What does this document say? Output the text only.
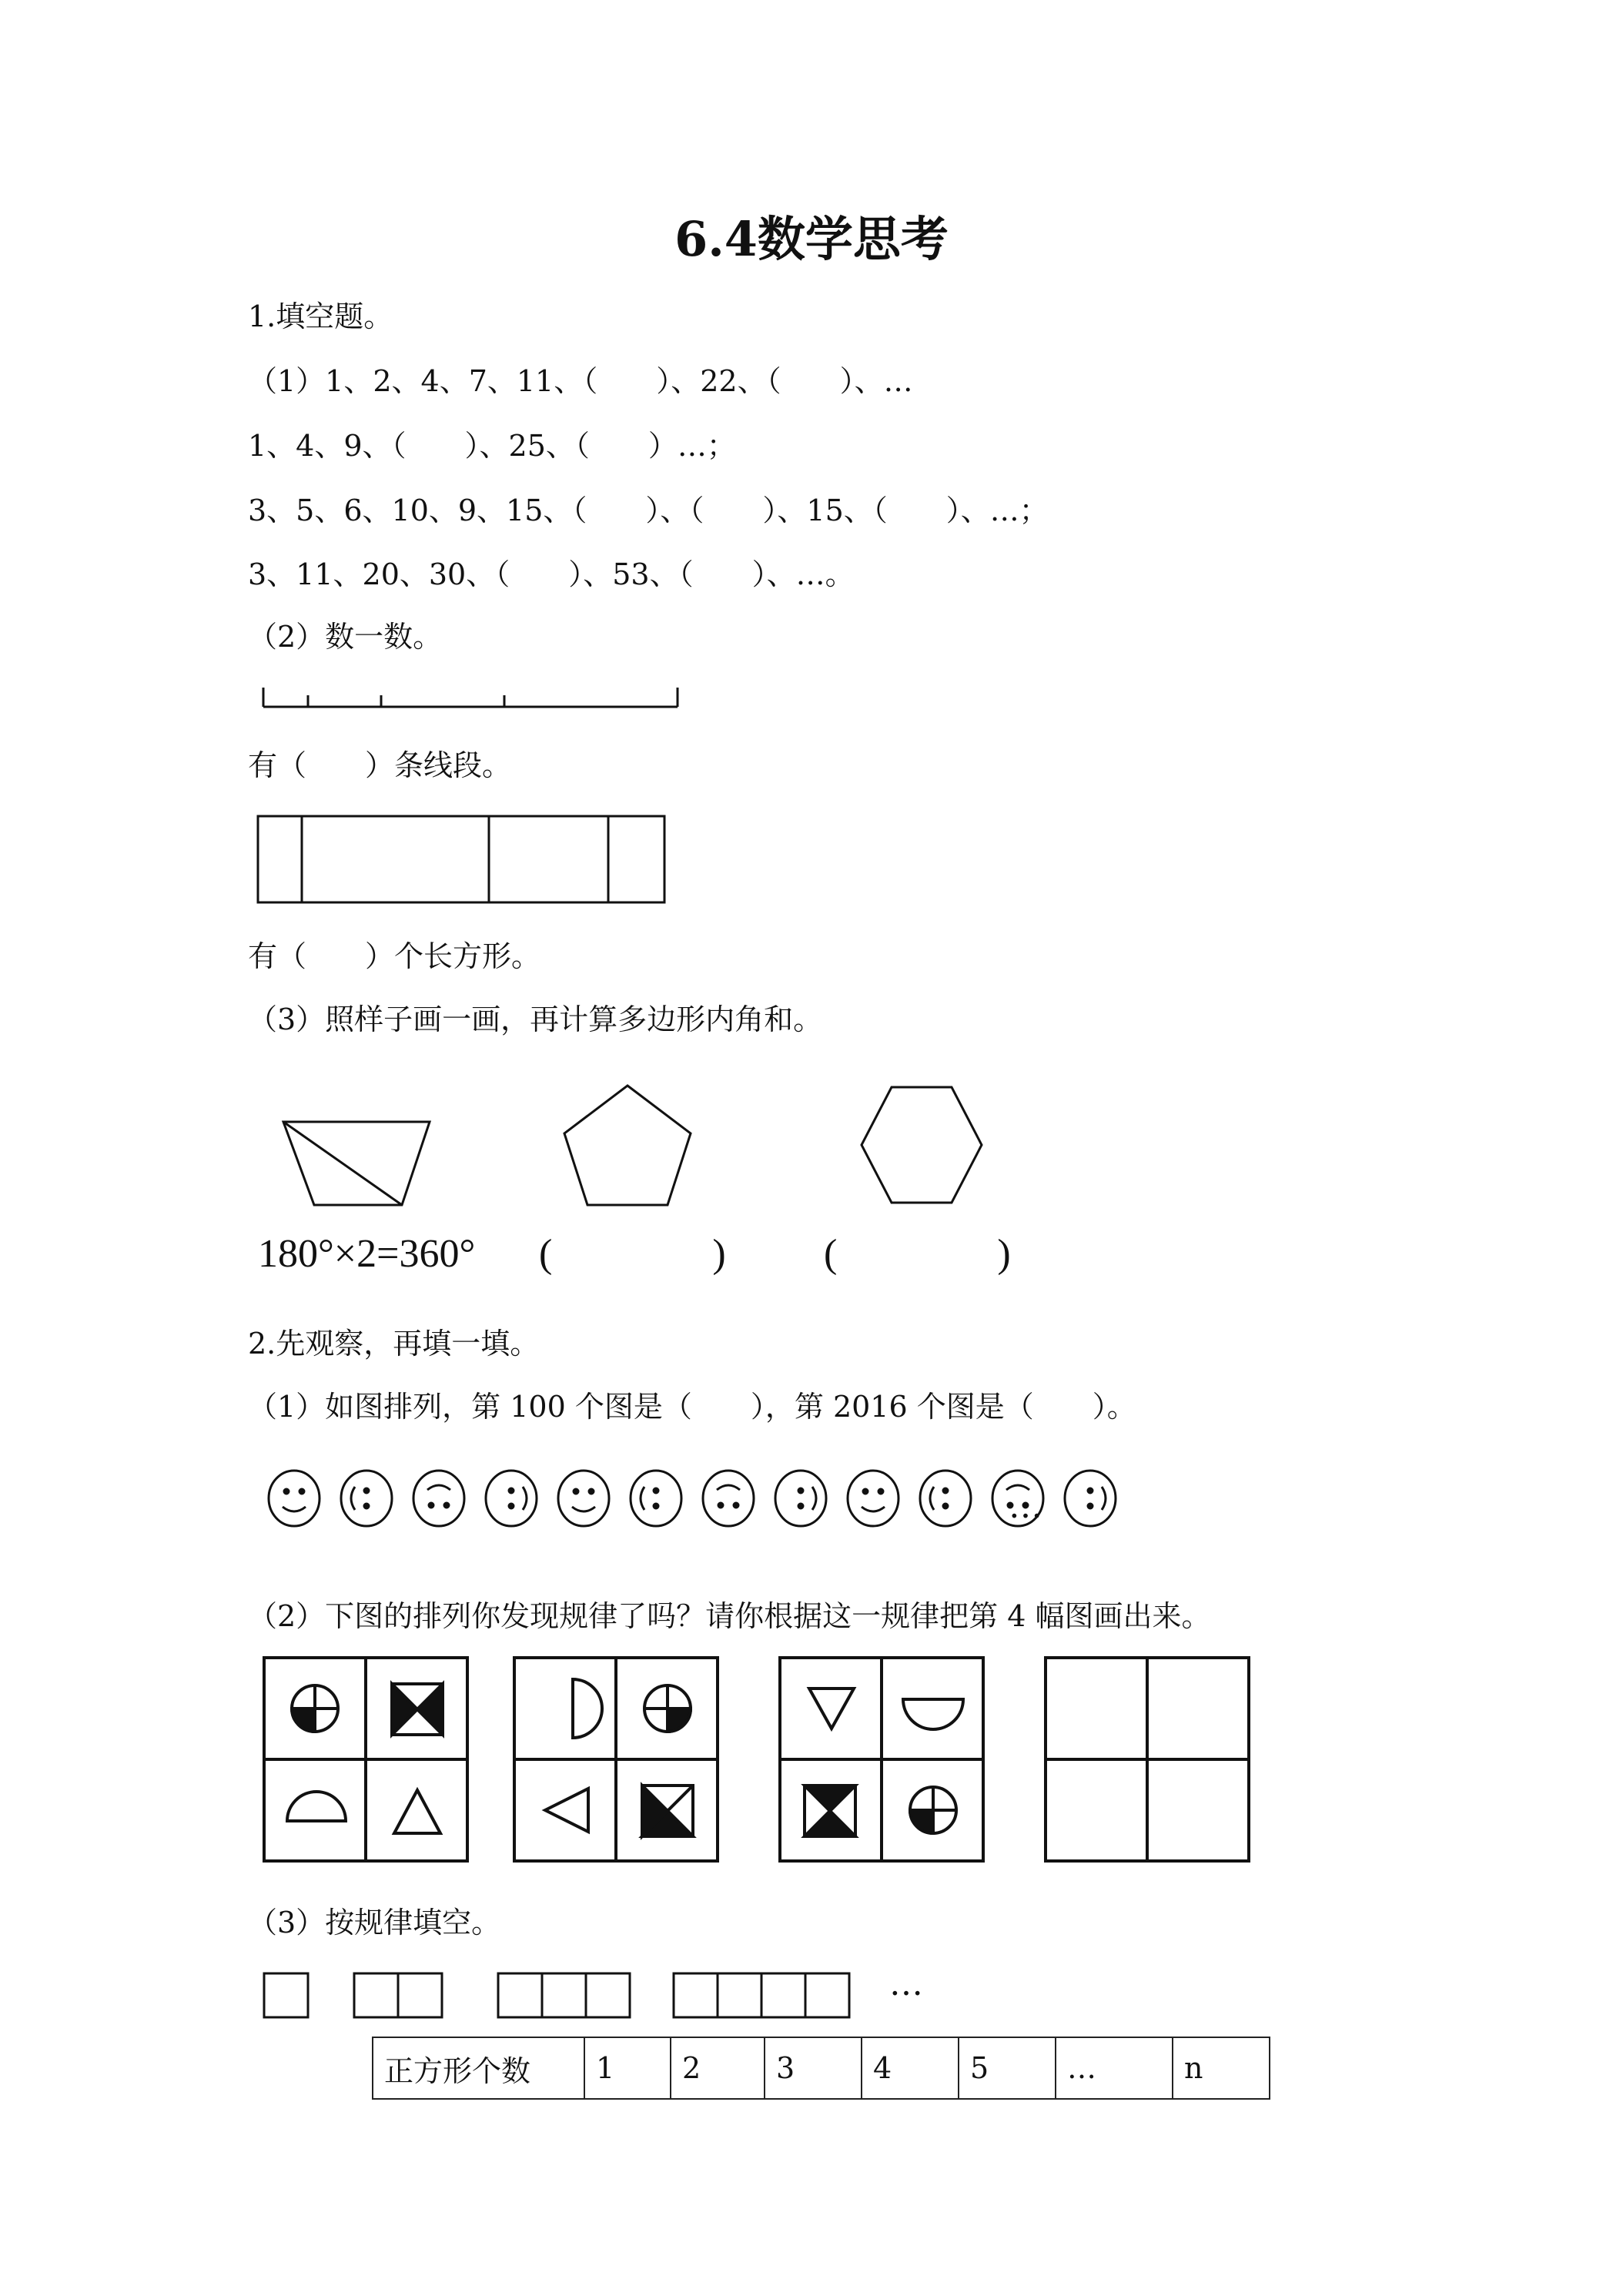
6.4数学思考
1.填空题。
（1）1、2、4、7、11、（　　）、22、（　　）、…
1、4、9、（　　）、25、（　　）…；
3、5、6、10、9、15、（　　）、（　　）、15、（　　）、…；
3、11、20、30、（　　）、53、（　　）、…。
（2）数一数。
有（　　）条线段。
有（　　）个长方形。
（3）照样子画一画，再计算多边形内角和。
180°×2=360° (　　　　) (　　　　)
2.先观察，再填一填。
（1）如图排列，第 100 个图是（　　），第 2016 个图是（　　）。
…
（2）下图的排列你发现规律了吗？请你根据这一规律把第 4 幅图画出来。
（3）按规律填空。
…
正方形个数	1	2	3	4	5	…	n
